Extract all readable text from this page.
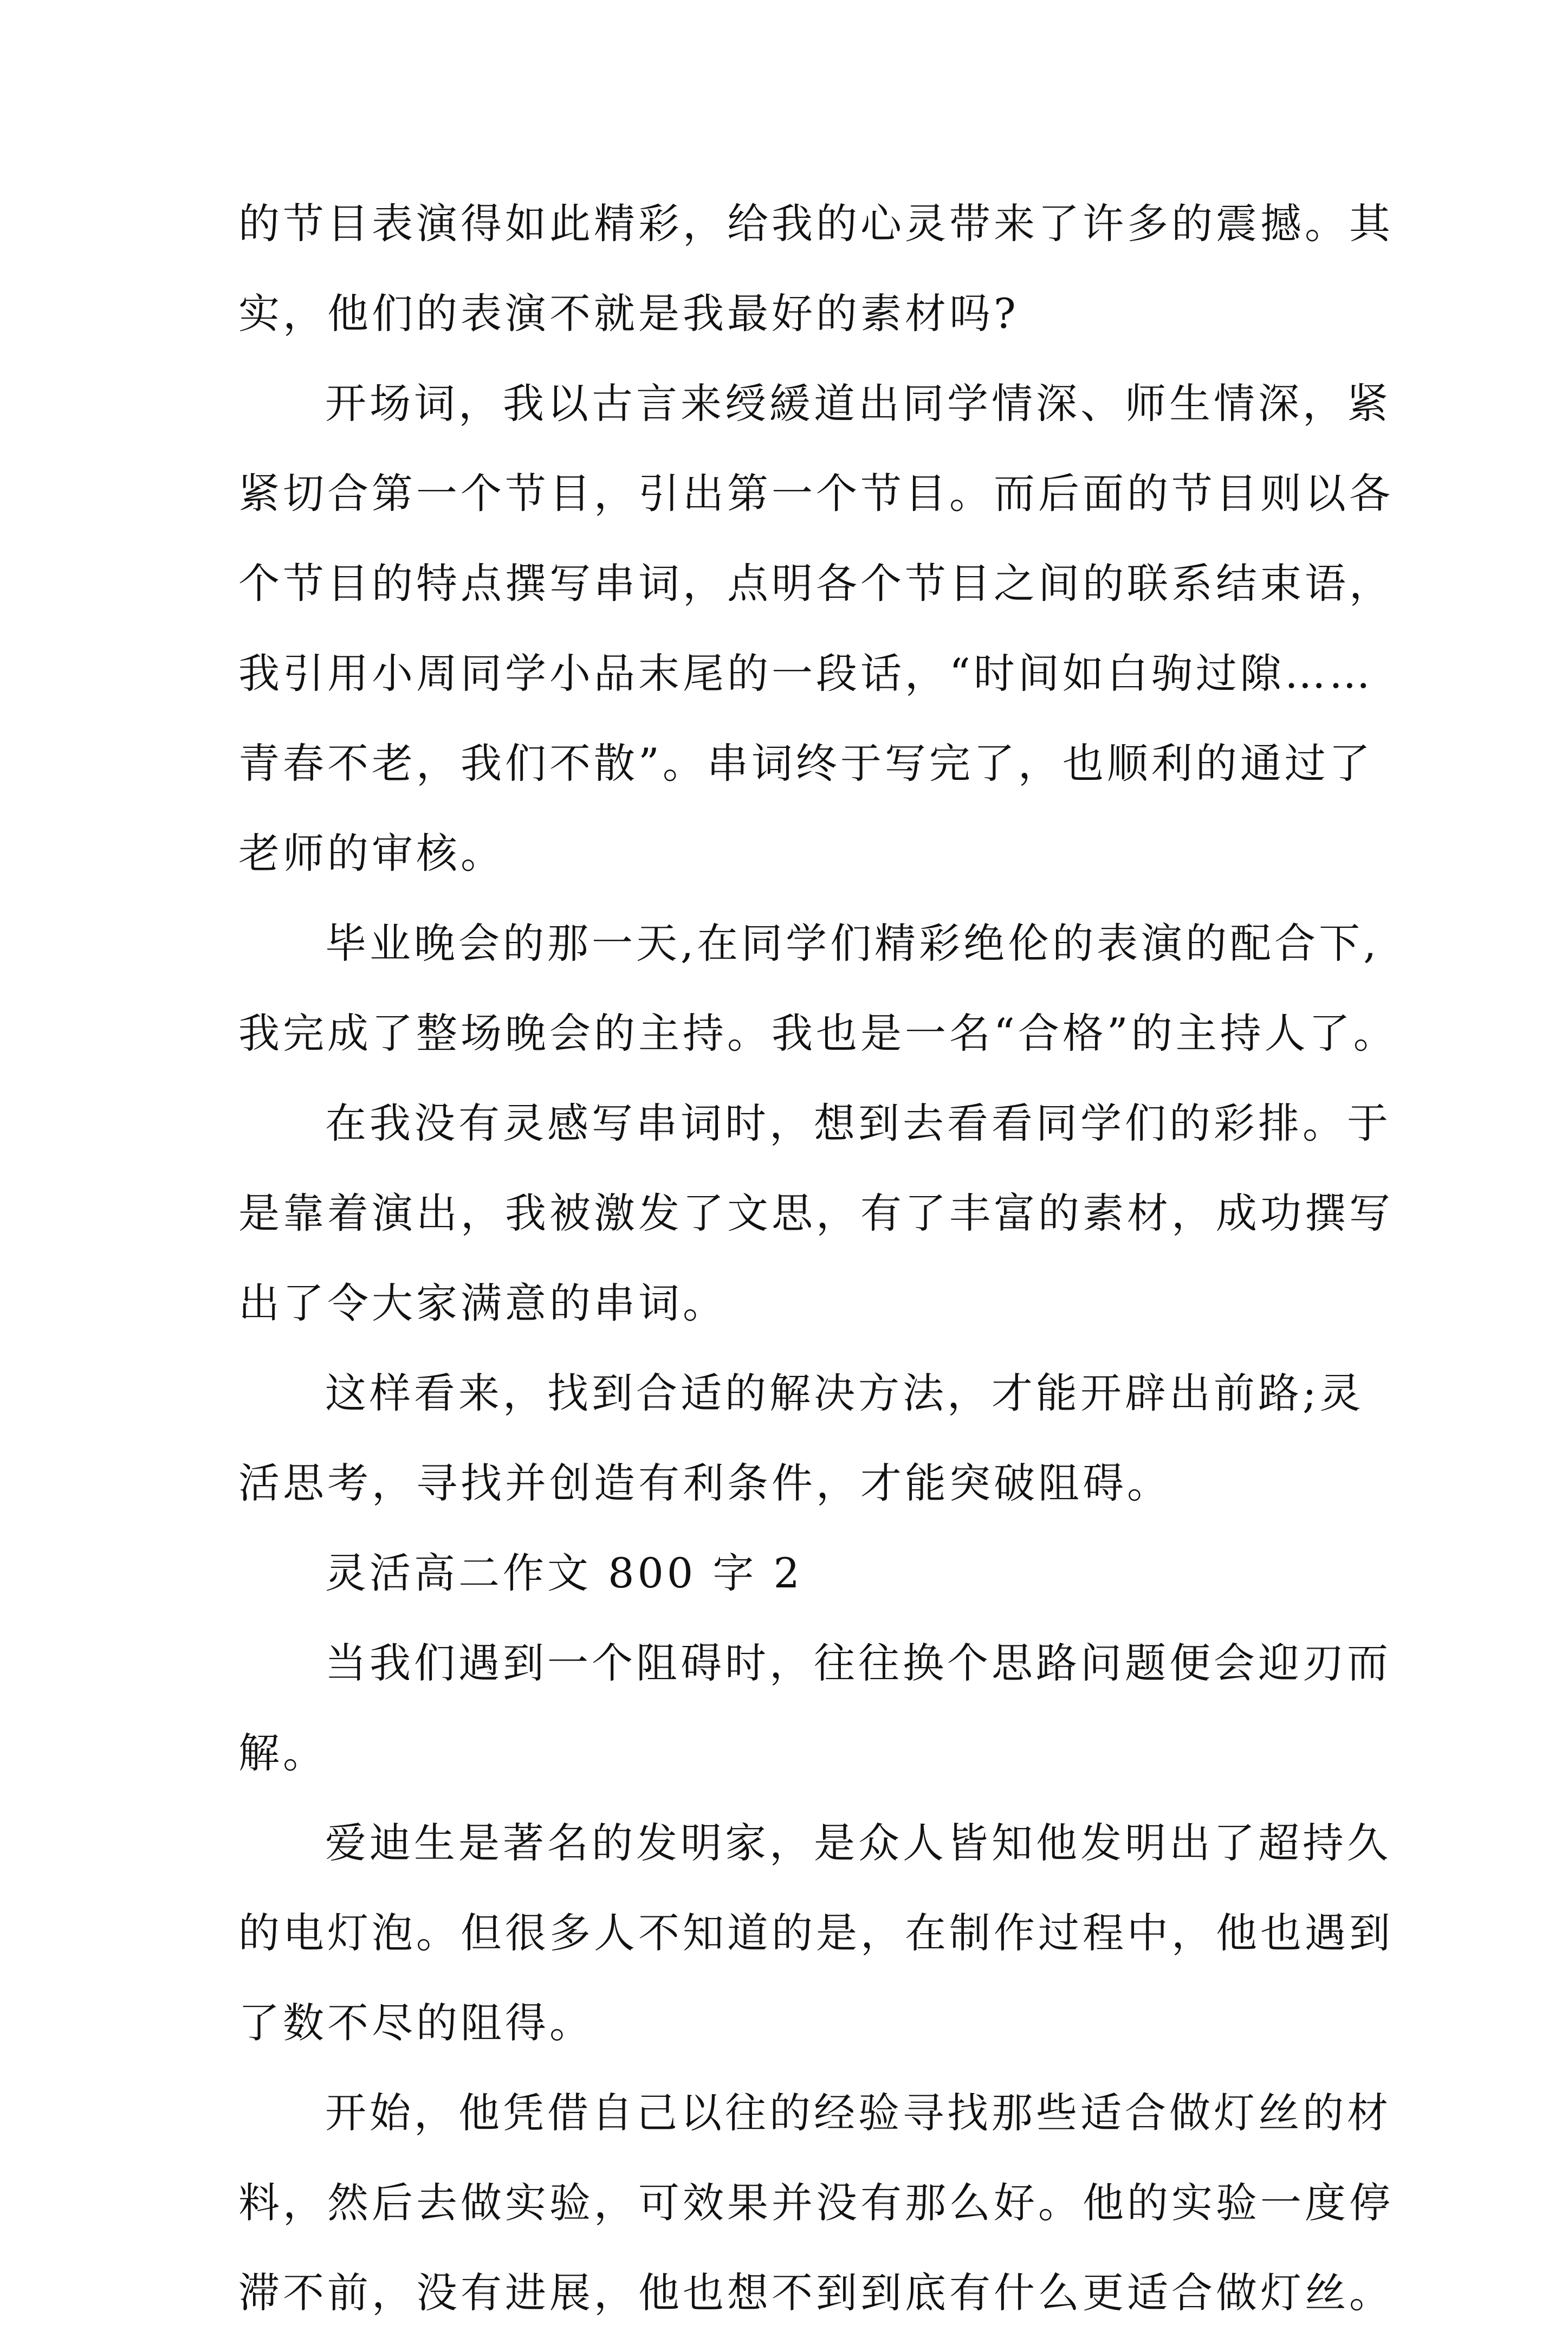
的节目表演得如此精彩，给我的心灵带来了许多的震撼。其
实，他们的表演不就是我最好的素材吗?
开场词，我以古言来绶緩道出同学情深、师生情深，紧
紧切合第一个节目，引出第一个节目。而后面的节目则以各
个节目的特点撰写串词，点明各个节目之间的联系结束语，
我引用小周同学小品末尾的一段话，“时间如白驹过隙……
青春不老，我们不散”。串词终于写完了，也顺利的通过了
老师的审核。
毕业晚会的那一天,在同学们精彩绝伦的表演的配合下,
我完成了整场晚会的主持。我也是一名“合格”的主持人了。
在我没有灵感写串词时，想到去看看同学们的彩排。于
是靠着演出，我被激发了文思，有了丰富的素材，成功撰写
出了令大家满意的串词。
这样看来，找到合适的解决方法，才能开辟出前路;灵
活思考，寻找并创造有利条件，才能突破阻碍。
灵活高二作文 800 字 2
当我们遇到一个阻碍时，往往换个思路问题便会迎刃而
解。
爱迪生是著名的发明家，是众人皆知他发明出了超持久
的电灯泡。但很多人不知道的是，在制作过程中，他也遇到
了数不尽的阻得。
开始，他凭借自己以往的经验寻找那些适合做灯丝的材
料，然后去做实验，可效果并没有那么好。他的实验一度停
滞不前，没有进展，他也想不到到底有什么更适合做灯丝。
